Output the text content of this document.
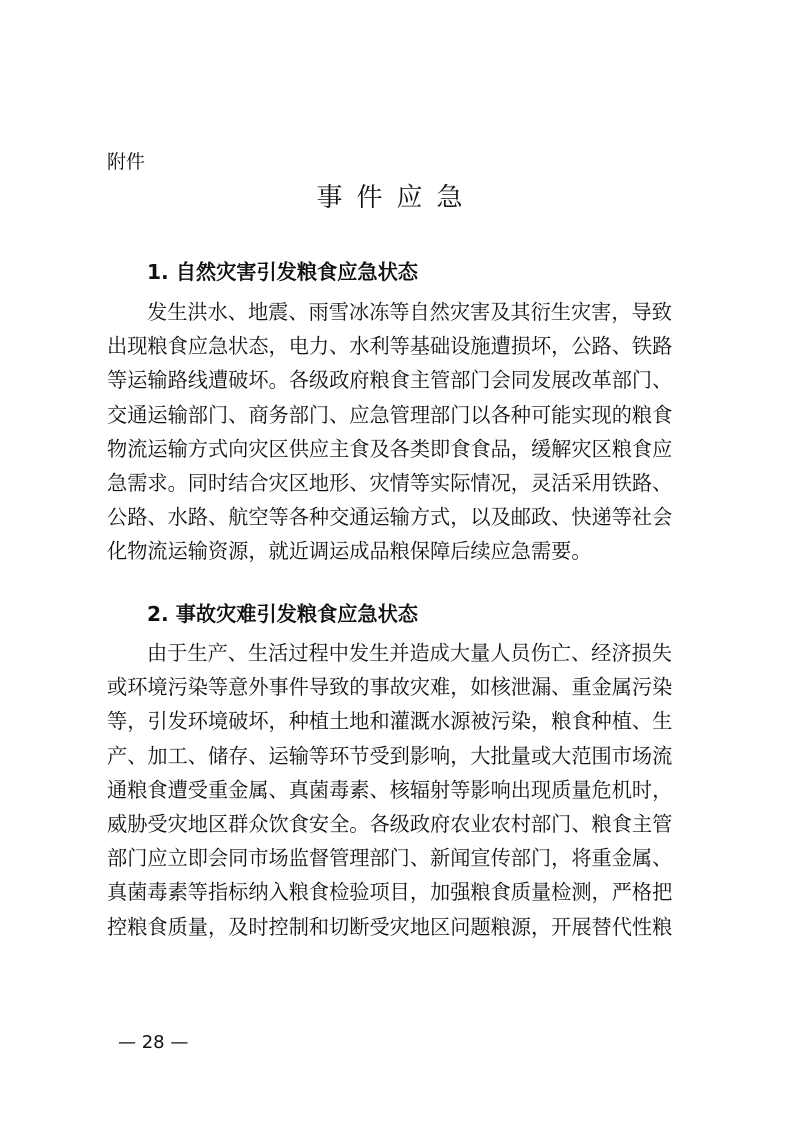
附件
事件应急
1. 自然灾害引发粮食应急状态
发生洪水、地震、雨雪冰冻等自然灾害及其衍生灾害，导致
出现粮食应急状态，电力、水利等基础设施遭损坏，公路、铁路
等运输路线遭破坏。各级政府粮食主管部门会同发展改革部门、
交通运输部门、商务部门、应急管理部门以各种可能实现的粮食
物流运输方式向灾区供应主食及各类即食食品，缓解灾区粮食应
急需求。同时结合灾区地形、灾情等实际情况，灵活采用铁路、
公路、水路、航空等各种交通运输方式，以及邮政、快递等社会
化物流运输资源，就近调运成品粮保障后续应急需要。
2. 事故灾难引发粮食应急状态
由于生产、生活过程中发生并造成大量人员伤亡、经济损失
或环境污染等意外事件导致的事故灾难，如核泄漏、重金属污染
等，引发环境破坏，种植土地和灌溉水源被污染，粮食种植、生
产、加工、储存、运输等环节受到影响，大批量或大范围市场流
通粮食遭受重金属、真菌毒素、核辐射等影响出现质量危机时，
威胁受灾地区群众饮食安全。各级政府农业农村部门、粮食主管
部门应立即会同市场监督管理部门、新闻宣传部门，将重金属、
真菌毒素等指标纳入粮食检验项目，加强粮食质量检测，严格把
控粮食质量，及时控制和切断受灾地区问题粮源，开展替代性粮
— 28 —
